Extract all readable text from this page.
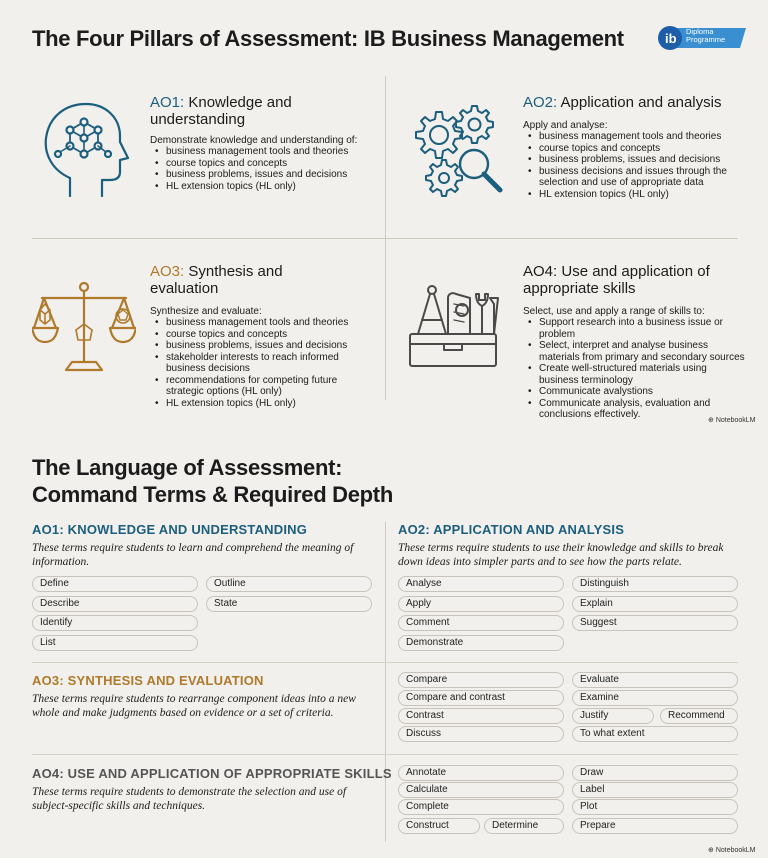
The Four Pillars of Assessment: IB Business Management	ib Diploma
Programme
AO1: Knowledge and
understanding
Demonstrate knowledge and understanding of:
• business management tools and theories
• course topics and concepts
• business problems, issues and decisions
• HL extension topics (HL only)
AO2: Application and analysis
Apply and analyse:
• business management tools and theories
• course topics and concepts
• business problems, issues and decisions
• business decisions and issues through the selection and use of appropriate data
• HL extension topics (HL only)
AO3: Synthesis and
evaluation
Synthesize and evaluate:
• business management tools and theories
• course topics and concepts
• business problems, issues and decisions
• stakeholder interests to reach informed business decisions
• recommendations for competing future strategic options (HL only)
• HL extension topics (HL only)
AO4: Use and application of
appropriate skills
Select, use and apply a range of skills to:
• Support research into a business issue or problem
• Select, interpret and analyse business materials from primary and secondary sources
• Create well-structured materials using business terminology
• Communicate avalystions
• Communicate analysis, evaluation and conclusions effectively.
⊕ NotebookLM
The Language of Assessment:
Command Terms & Required Depth
AO1: KNOWLEDGE AND UNDERSTANDING
These terms require students to learn and comprehend the meaning of information.
Define	Outline
Describe	State
Identify
List
AO2: APPLICATION AND ANALYSIS
These terms require students to use their knowledge and skills to break down ideas into simpler parts and to see how the parts relate.
Analyse	Distinguish
Apply	Explain
Comment	Suggest
Demonstrate
AO3: SYNTHESIS AND EVALUATION
These terms require students to rearrange component ideas into a new whole and make judgments based on evidence or a set of criteria.
Compare	Evaluate
Compare and contrast	Examine
Contrast	Justify	Recommend
Discuss	To what extent
AO4: USE AND APPLICATION OF APPROPRIATE SKILLS
These terms require students to demonstrate the selection and use of subject-specific skills and techniques.
Annotate	Draw
Calculate	Label
Complete	Plot
Construct	Determine	Prepare
⊕ NotebookLM
